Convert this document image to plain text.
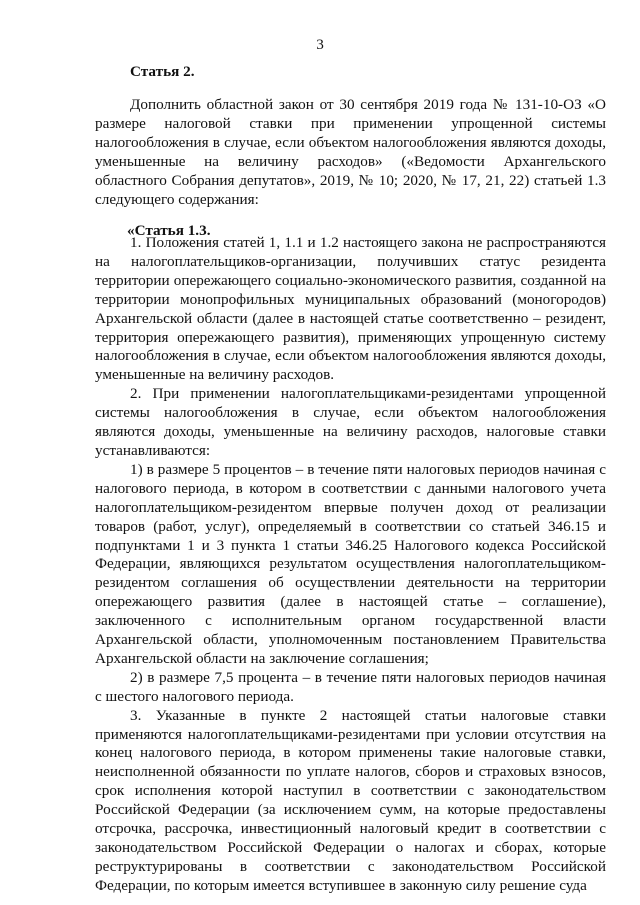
3
Статья 2.

Дополнить областной закон от 30 сентября 2019 года № 131-10-ОЗ «О размере налоговой ставки при применении упрощенной системы налогообложения в случае, если объектом налогообложения являются доходы, уменьшенные на величину расходов» («Ведомости Архангельского областного Собрания депутатов», 2019, № 10; 2020, № 17, 21, 22) статьей 1.3 следующего содержания:

«Статья 1.3.

1. Положения статей 1, 1.1 и 1.2 настоящего закона не распространяются на налогоплательщиков-организации, получивших статус резидента территории опережающего социально-экономического развития, созданной на территории монопрофильных муниципальных образований (моногородов) Архангельской области (далее в настоящей статье соответственно – резидент, территория опережающего развития), применяющих упрощенную систему налогообложения в случае, если объектом налогообложения являются доходы, уменьшенные на величину расходов.

2. При применении налогоплательщиками-резидентами упрощенной системы налогообложения в случае, если объектом налогообложения являются доходы, уменьшенные на величину расходов, налоговые ставки устанавливаются:

1) в размере 5 процентов – в течение пяти налоговых периодов начиная с налогового периода, в котором в соответствии с данными налогового учета налогоплательщиком-резидентом впервые получен доход от реализации товаров (работ, услуг), определяемый в соответствии со статьей 346.15 и подпунктами 1 и 3 пункта 1 статьи 346.25 Налогового кодекса Российской Федерации, являющихся результатом осуществления налогоплательщиком-резидентом соглашения об осуществлении деятельности на территории опережающего развития (далее в настоящей статье – соглашение), заключенного с исполнительным органом государственной власти Архангельской области, уполномоченным постановлением Правительства Архангельской области на заключение соглашения;

2) в размере 7,5 процента – в течение пяти налоговых периодов начиная с шестого налогового периода.

3. Указанные в пункте 2 настоящей статьи налоговые ставки применяются налогоплательщиками-резидентами при условии отсутствия на конец налогового периода, в котором применены такие налоговые ставки, неисполненной обязанности по уплате налогов, сборов и страховых взносов, срок исполнения которой наступил в соответствии с законодательством Российской Федерации (за исключением сумм, на которые предоставлены отсрочка, рассрочка, инвестиционный налоговый кредит в соответствии с законодательством Российской Федерации о налогах и сборах, которые реструктурированы в соответствии с законодательством Российской Федерации, по которым имеется вступившее в законную силу решение суда
